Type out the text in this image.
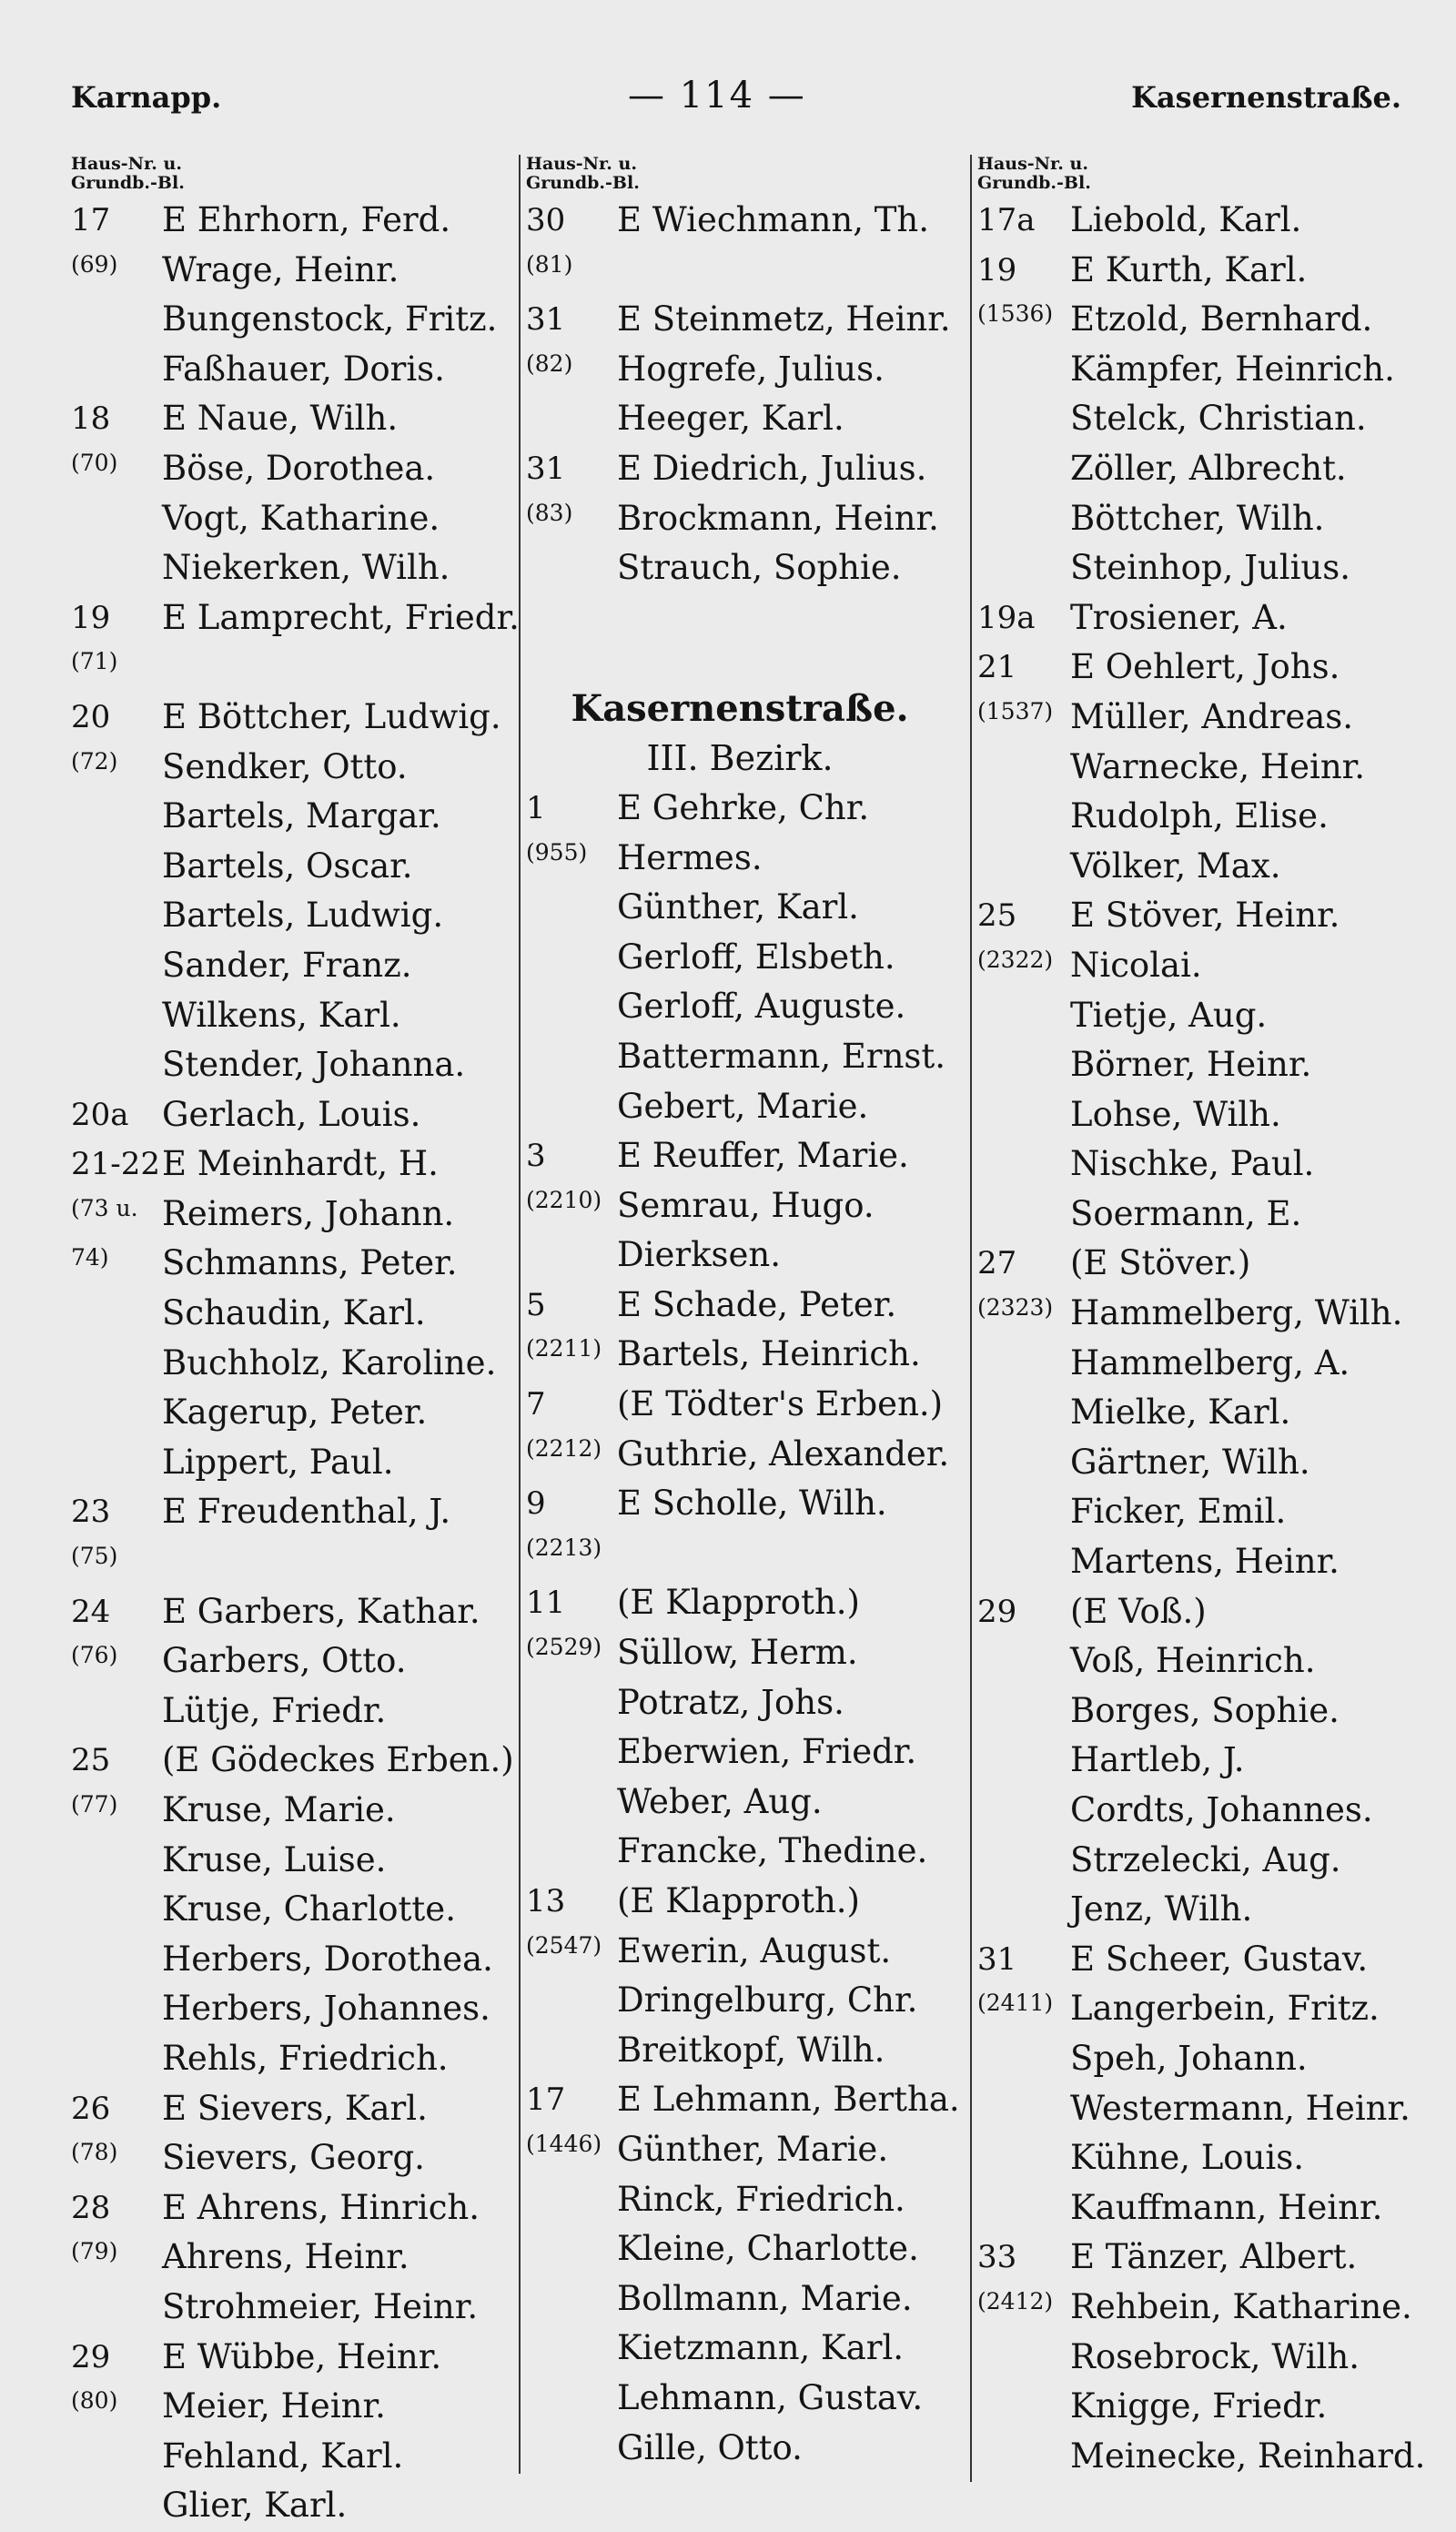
Karnapp.	— 114 —	Kasernenstraße.
Haus-Nr. u.
Grundb.-Bl.
17 E Ehrhorn, Ferd.
(69) Wrage, Heinr.
Bungenstock, Fritz.
Faßhauer, Doris.
18 E Naue, Wilh.
(70) Böse, Dorothea.
Vogt, Katharine.
Niekerken, Wilh.
19 E Lamprecht, Friedr.
(71)
20 E Böttcher, Ludwig.
(72) Sendker, Otto.
Bartels, Margar.
Bartels, Oscar.
Bartels, Ludwig.
Sander, Franz.
Wilkens, Karl.
Stender, Johanna.
20a Gerlach, Louis.
21-22 E Meinhardt, H.
(73 u. Reimers, Johann.
74) Schmanns, Peter.
Schaudin, Karl.
Buchholz, Karoline.
Kagerup, Peter.
Lippert, Paul.
23 E Freudenthal, J.
(75)
24 E Garbers, Kathar.
(76) Garbers, Otto.
Lütje, Friedr.
25 (E Gödeckes Erben.)
(77) Kruse, Marie.
Kruse, Luise.
Kruse, Charlotte.
Herbers, Dorothea.
Herbers, Johannes.
Rehls, Friedrich.
26 E Sievers, Karl.
(78) Sievers, Georg.
28 E Ahrens, Hinrich.
(79) Ahrens, Heinr.
Strohmeier, Heinr.
29 E Wübbe, Heinr.
(80) Meier, Heinr.
Fehland, Karl.
Glier, Karl.
Haus-Nr. u.
Grundb.-Bl.
30 E Wiechmann, Th.
(81)
31 E Steinmetz, Heinr.
(82) Hogrefe, Julius.
Heeger, Karl.
31 E Diedrich, Julius.
(83) Brockmann, Heinr.
Strauch, Sophie.
Kasernenstraße.
III. Bezirk.
1 E Gehrke, Chr.
(955) Hermes.
Günther, Karl.
Gerloff, Elsbeth.
Gerloff, Auguste.
Battermann, Ernst.
Gebert, Marie.
3 E Reuffer, Marie.
(2210) Semrau, Hugo.
Dierksen.
5 E Schade, Peter.
(2211) Bartels, Heinrich.
7 (E Tödter's Erben.)
(2212) Guthrie, Alexander.
9 E Scholle, Wilh.
(2213)
11 (E Klapproth.)
(2529) Süllow, Herm.
Potratz, Johs.
Eberwien, Friedr.
Weber, Aug.
Francke, Thedine.
13 (E Klapproth.)
(2547) Ewerin, August.
Dringelburg, Chr.
Breitkopf, Wilh.
17 E Lehmann, Bertha.
(1446) Günther, Marie.
Rinck, Friedrich.
Kleine, Charlotte.
Bollmann, Marie.
Kietzmann, Karl.
Lehmann, Gustav.
Gille, Otto.
Haus-Nr. u.
Grundb.-Bl.
17a Liebold, Karl.
19 E Kurth, Karl.
(1536) Etzold, Bernhard.
Kämpfer, Heinrich.
Stelck, Christian.
Zöller, Albrecht.
Böttcher, Wilh.
Steinhop, Julius.
19a Trosiener, A.
21 E Oehlert, Johs.
(1537) Müller, Andreas.
Warnecke, Heinr.
Rudolph, Elise.
Völker, Max.
25 E Stöver, Heinr.
(2322) Nicolai.
Tietje, Aug.
Börner, Heinr.
Lohse, Wilh.
Nischke, Paul.
Soermann, E.
27 (E Stöver.)
(2323) Hammelberg, Wilh.
Hammelberg, A.
Mielke, Karl.
Gärtner, Wilh.
Ficker, Emil.
Martens, Heinr.
29 (E Voß.)
Voß, Heinrich.
Borges, Sophie.
Hartleb, J.
Cordts, Johannes.
Strzelecki, Aug.
Jenz, Wilh.
31 E Scheer, Gustav.
(2411) Langerbein, Fritz.
Speh, Johann.
Westermann, Heinr.
Kühne, Louis.
Kauffmann, Heinr.
33 E Tänzer, Albert.
(2412) Rehbein, Katharine.
Rosebrock, Wilh.
Knigge, Friedr.
Meinecke, Reinhard.
